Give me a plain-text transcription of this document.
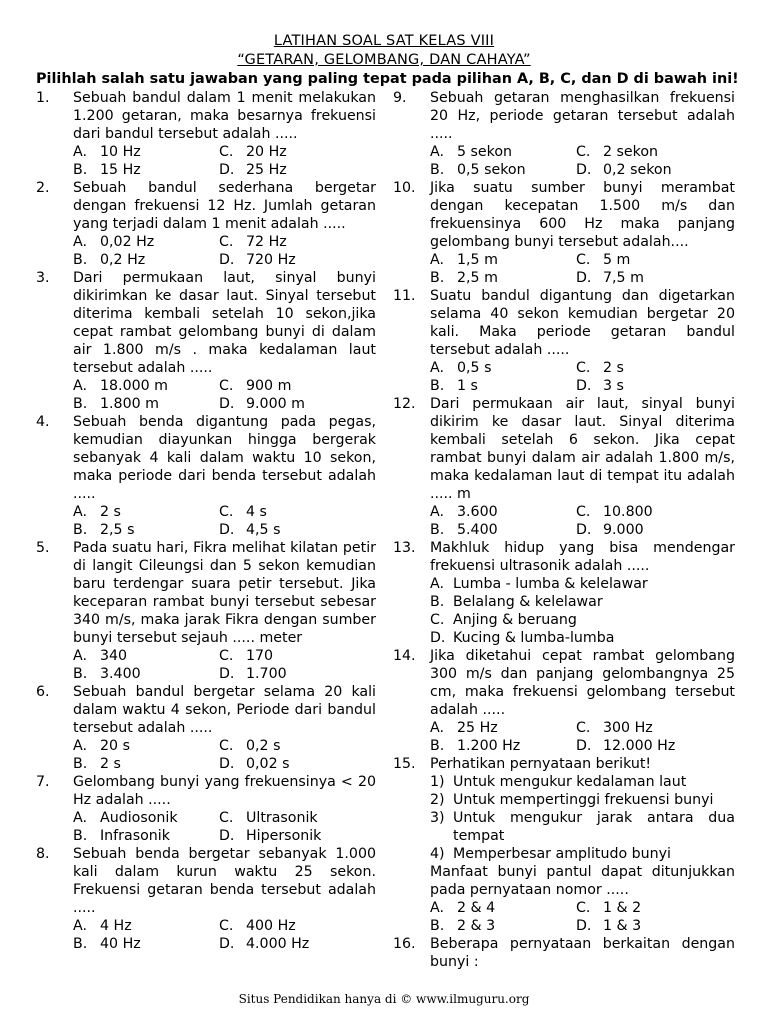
LATIHAN SOAL SAT KELAS VIII
“GETARAN, GELOMBANG, DAN CAHAYA”
Pilihlah salah satu jawaban yang paling tepat pada pilihan A, B, C, dan D di bawah ini!
1.	Sebuah bandul dalam 1 menit melakukan 1.200 getaran, maka besarnya frekuensi dari bandul tersebut adalah .....
A. 10 Hz	C. 20 Hz
B. 15 Hz	D. 25 Hz
2.	Sebuah bandul sederhana bergetar dengan frekuensi 12 Hz. Jumlah getaran yang terjadi dalam 1 menit adalah .....
A. 0,02 Hz	C. 72 Hz
B. 0,2 Hz	D. 720 Hz
3.	Dari permukaan laut, sinyal bunyi dikirimkan ke dasar laut. Sinyal tersebut diterima kembali setelah 10 sekon,jika cepat rambat gelombang bunyi di dalam air 1.800 m/s . maka kedalaman laut tersebut adalah .....
A. 18.000 m	C. 900 m
B. 1.800 m	D. 9.000 m
4.	Sebuah benda digantung pada pegas, kemudian diayunkan hingga bergerak sebanyak 4 kali dalam waktu 10 sekon, maka periode dari benda tersebut adalah .....
A. 2 s	C. 4 s
B. 2,5 s	D. 4,5 s
5.	Pada suatu hari, Fikra melihat kilatan petir di langit Cileungsi dan 5 sekon kemudian baru terdengar suara petir tersebut. Jika keceparan rambat bunyi tersebut sebesar 340 m/s, maka jarak Fikra dengan sumber bunyi tersebut sejauh ..... meter
A. 340	C. 170
B. 3.400	D. 1.700
6.	Sebuah bandul bergetar selama 20 kali dalam waktu 4 sekon, Periode dari bandul tersebut adalah .....
A. 20 s	C. 0,2 s
B. 2 s	D. 0,02 s
7.	Gelombang bunyi yang frekuensinya < 20 Hz adalah .....
A. Audiosonik	C. Ultrasonik
B. Infrasonik	D. Hipersonik
8.	Sebuah benda bergetar sebanyak 1.000 kali dalam kurun waktu 25 sekon. Frekuensi getaran benda tersebut adalah .....
A. 4 Hz	C. 400 Hz
B. 40 Hz	D. 4.000 Hz
9.	Sebuah getaran menghasilkan frekuensi 20 Hz, periode getaran tersebut adalah .....
A. 5 sekon	C. 2 sekon
B. 0,5 sekon	D. 0,2 sekon
10.	Jika suatu sumber bunyi merambat dengan kecepatan 1.500 m/s dan frekuensinya 600 Hz maka panjang gelombang bunyi tersebut adalah....
A. 1,5 m	C. 5 m
B. 2,5 m	D. 7,5 m
11.	Suatu bandul digantung dan digetarkan selama 40 sekon kemudian bergetar 20 kali. Maka periode getaran bandul tersebut adalah .....
A. 0,5 s	C. 2 s
B. 1 s	D. 3 s
12.	Dari permukaan air laut, sinyal bunyi dikirim ke dasar laut. Sinyal diterima kembali setelah 6 sekon. Jika cepat rambat bunyi dalam air adalah 1.800 m/s, maka kedalaman laut di tempat itu adalah ..... m
A. 3.600	C. 10.800
B. 5.400	D. 9.000
13.	Makhluk hidup yang bisa mendengar frekuensi ultrasonik adalah .....
A. Lumba - lumba & kelelawar
B. Belalang & kelelawar
C. Anjing & beruang
D. Kucing & lumba-lumba
14.	Jika diketahui cepat rambat gelombang 300 m/s dan panjang gelombangnya 25 cm, maka frekuensi gelombang tersebut adalah .....
A. 25 Hz	C. 300 Hz
B. 1.200 Hz	D. 12.000 Hz
15.	Perhatikan pernyataan berikut!
1) Untuk mengukur kedalaman laut
2) Untuk mempertinggi frekuensi bunyi
3) Untuk mengukur jarak antara dua tempat
4) Memperbesar amplitudo bunyi
Manfaat bunyi pantul dapat ditunjukkan pada pernyataan nomor .....
A. 2 & 4	C. 1 & 2
B. 2 & 3	D. 1 & 3
16.	Beberapa pernyataan berkaitan dengan bunyi :
Situs Pendidikan hanya di © www.ilmuguru.org
